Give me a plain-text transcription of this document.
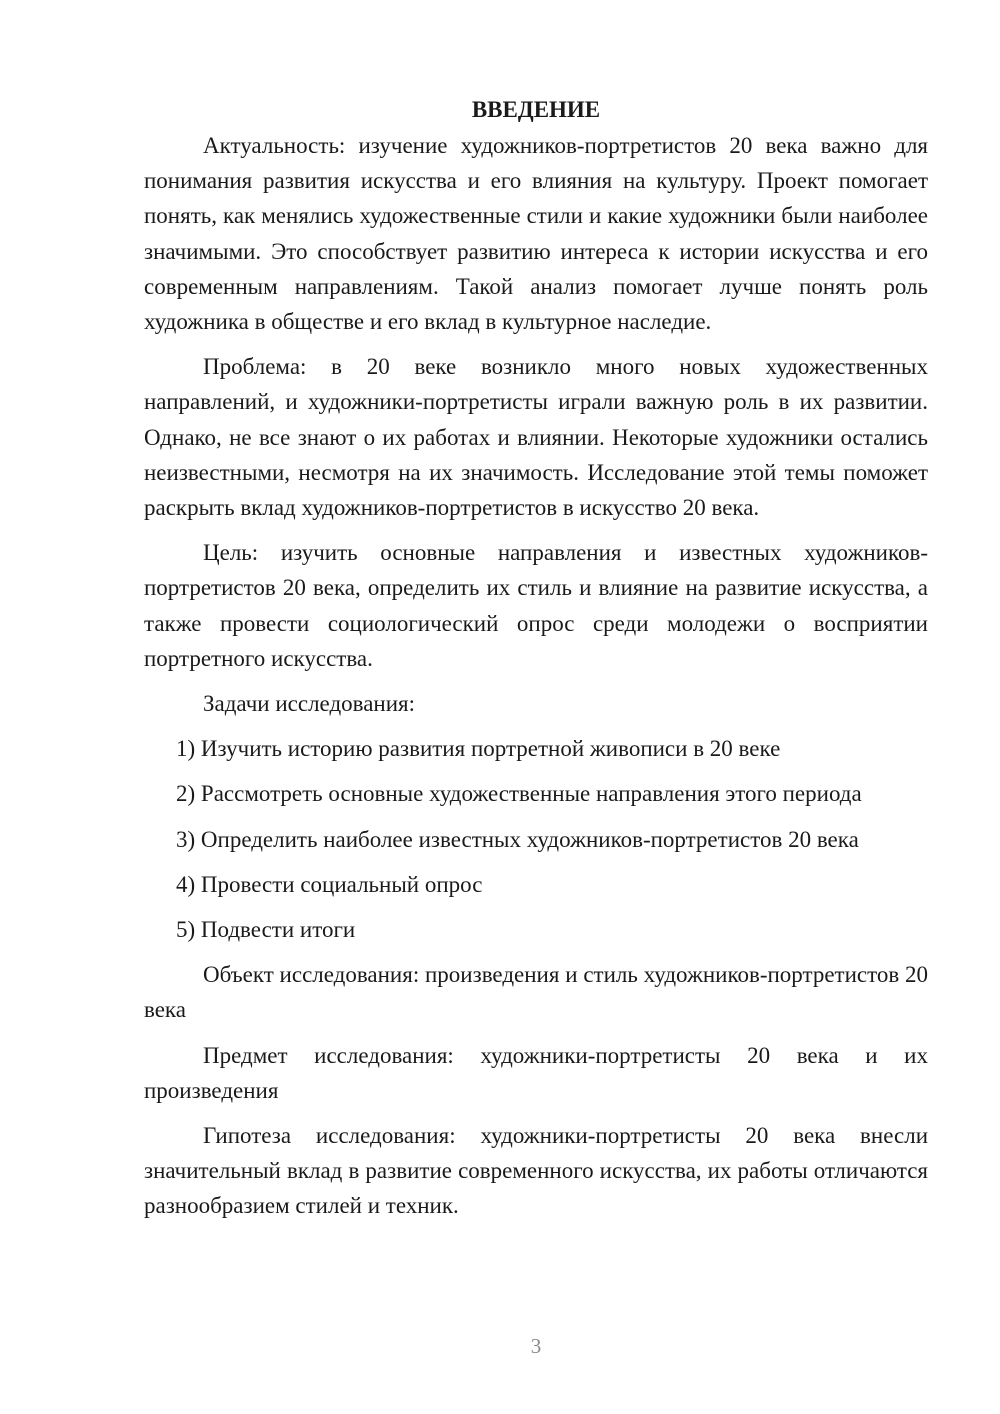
ВВЕДЕНИЕ

Актуальность: изучение художников-портретистов 20 века важно для понимания развития искусства и его влияния на культуру. Проект помогает понять, как менялись художественные стили и какие художники были наиболее значимыми. Это способствует развитию интереса к истории искусства и его современным направлениям. Такой анализ помогает лучше понять роль художника в обществе и его вклад в культурное наследие.

Проблема: в 20 веке возникло много новых художественных направлений, и художники-портретисты играли важную роль в их развитии. Однако, не все знают о их работах и влиянии. Некоторые художники остались неизвестными, несмотря на их значимость. Исследование этой темы поможет раскрыть вклад художников-портретистов в искусство 20 века.

Цель: изучить основные направления и известных художников-портретистов 20 века, определить их стиль и влияние на развитие искусства, а также провести социологический опрос среди молодежи о восприятии портретного искусства.

Задачи исследования:

1) Изучить историю развития портретной живописи в 20 веке
2) Рассмотреть основные художественные направления этого периода
3) Определить наиболее известных художников-портретистов 20 века
4) Провести социальный опрос
5) Подвести итоги

Объект исследования: произведения и стиль художников-портретистов 20 века

Предмет исследования: художники-портретисты 20 века и их произведения

Гипотеза исследования: художники-портретисты 20 века внесли значительный вклад в развитие современного искусства, их работы отличаются разнообразием стилей и техник.

3
